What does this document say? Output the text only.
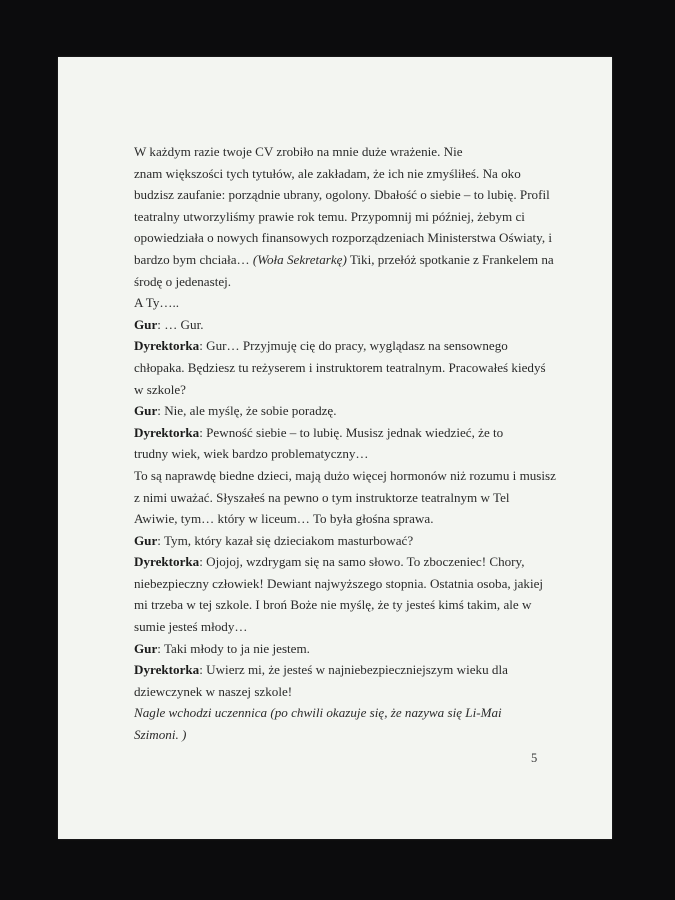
W każdym razie twoje CV zrobiło na mnie duże wrażenie. Nie
znam większości tych tytułów, ale zakładam, że ich nie zmyśliłeś. Na oko
budzisz zaufanie: porządnie ubrany, ogolony. Dbałość o siebie – to lubię. Profil
teatralny utworzyliśmy prawie rok temu. Przypomnij mi później, żebym ci
opowiedziała o nowych finansowych rozporządzeniach Ministerstwa Oświaty, i
bardzo bym chciała… (Woła Sekretarkę) Tiki, przełóż spotkanie z Frankelem na
środę o jedenastej.
A Ty…..
Gur: … Gur.
Dyrektorka: Gur… Przyjmuję cię do pracy, wyglądasz na sensownego
chłopaka. Będziesz tu reżyserem i instruktorem teatralnym. Pracowałeś kiedyś
w szkole?
Gur: Nie, ale myślę, że sobie poradzę.
Dyrektorka: Pewność siebie – to lubię. Musisz jednak wiedzieć, że to
trudny wiek, wiek bardzo problematyczny…
To są naprawdę biedne dzieci, mają dużo więcej hormonów niż rozumu i musisz
z nimi uważać. Słyszałeś na pewno o tym instruktorze teatralnym w Tel
Awiwie, tym… który w liceum… To była głośna sprawa.
Gur: Tym, który kazał się dzieciakom masturbować?
Dyrektorka: Ojojoj, wzdrygam się na samo słowo. To zboczeniec! Chory,
niebezpieczny człowiek! Dewiant najwyższego stopnia. Ostatnia osoba, jakiej
mi trzeba w tej szkole. I broń Boże nie myślę, że ty jesteś kimś takim, ale w
sumie jesteś młody…
Gur: Taki młody to ja nie jestem.
Dyrektorka: Uwierz mi, że jesteś w najniebezpieczniejszym wieku dla
dziewczynek w naszej szkole!
Nagle wchodzi uczennica (po chwili okazuje się, że nazywa się Li-Mai
Szimoni. )
5
